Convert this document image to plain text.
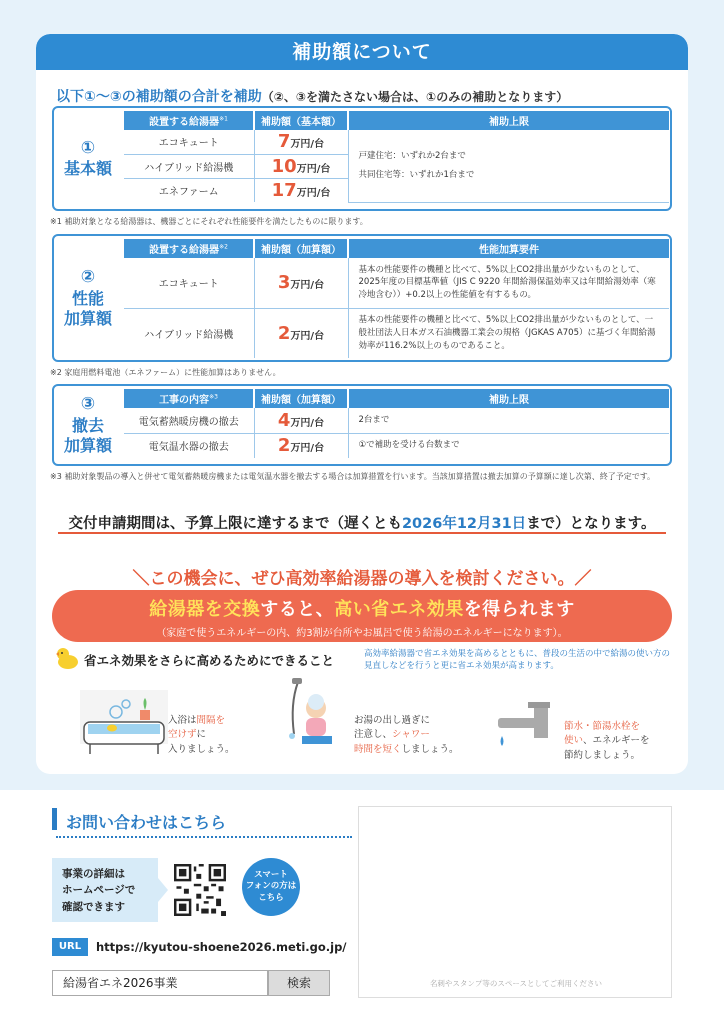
補助額について
以下①〜③の補助額の合計を補助（②、③を満たさない場合は、①のみの補助となります）
①
基本額
設置する給湯器$^{※1}$	補助額（基本額）	補助上限
エコキュート	7万円/台	戸建住宅：いずれか2台まで
共同住宅等：いずれか1台まで

ハイブリッド給湯機	10万円/台	
エネファーム	17万円/台	
※1 補助対象となる給湯器は、機器ごとにそれぞれ性能要件を満たしたものに限ります。
②
性能
加算額
設置する給湯器$^{※2}$	補助額（加算額）	性能加算要件
エコキュート	3万円/台	基本の性能要件の機種と比べて、5%以上CO2排出量が少ないものとして、2025年度の目標基準値（JIS C 9220 年間給湯保温効率又は年間給湯効率（寒冷地含む））+0.2以上の性能値を有するもの。
ハイブリッド給湯機	2万円/台	基本の性能要件の機種と比べて、5%以上CO2排出量が少ないものとして、一般社団法人日本ガス石油機器工業会の規格（JGKAS A705）に基づく年間給湯効率が116.2%以上のものであること。
※2 家庭用燃料電池（エネファーム）に性能加算はありません。
③
撤去
加算額
工事の内容$^{※3}$	補助額（加算額）	補助上限
電気蓄熱暖房機の撤去	4万円/台	2台まで
電気温水器の撤去	2万円/台	①で補助を受ける台数まで
※3 補助対象製品の導入と併せて電気蓄熱暖房機または電気温水器を撤去する場合は加算措置を行います。当該加算措置は撤去加算の予算額に達し次第、終了予定です。
交付申請期間は、予算上限に達するまで（遅くとも2026年12月31日まで）となります。
＼この機会に、ぜひ高効率給湯器の導入を検討ください。／
給湯器を交換すると、高い省エネ効果を得られます
（家庭で使うエネルギーの内、約3割が台所やお風呂で使う給湯のエネルギーになります）。
省エネ効果をさらに高めるためにできること	高効率給湯器で省エネ効果を高めるとともに、普段の生活の中で給湯の使い方の見直しなどを行うと更に省エネ効果が高まります。
入浴は間隔を
空けずに
入りましょう。
お湯の出し過ぎに
注意し、シャワー
時間を短くしましょう。
節水・節湯水栓を
使い、エネルギーを
節約しましょう。
お問い合わせはこちら
事業の詳細は
ホームページで
確認できます
スマート
フォンの方は
こちら
URL	https://kyutou-shoene2026.meti.go.jp/
給湯省エネ2026事業	検索	名刺やスタンプ等のスペースとしてご利用ください
